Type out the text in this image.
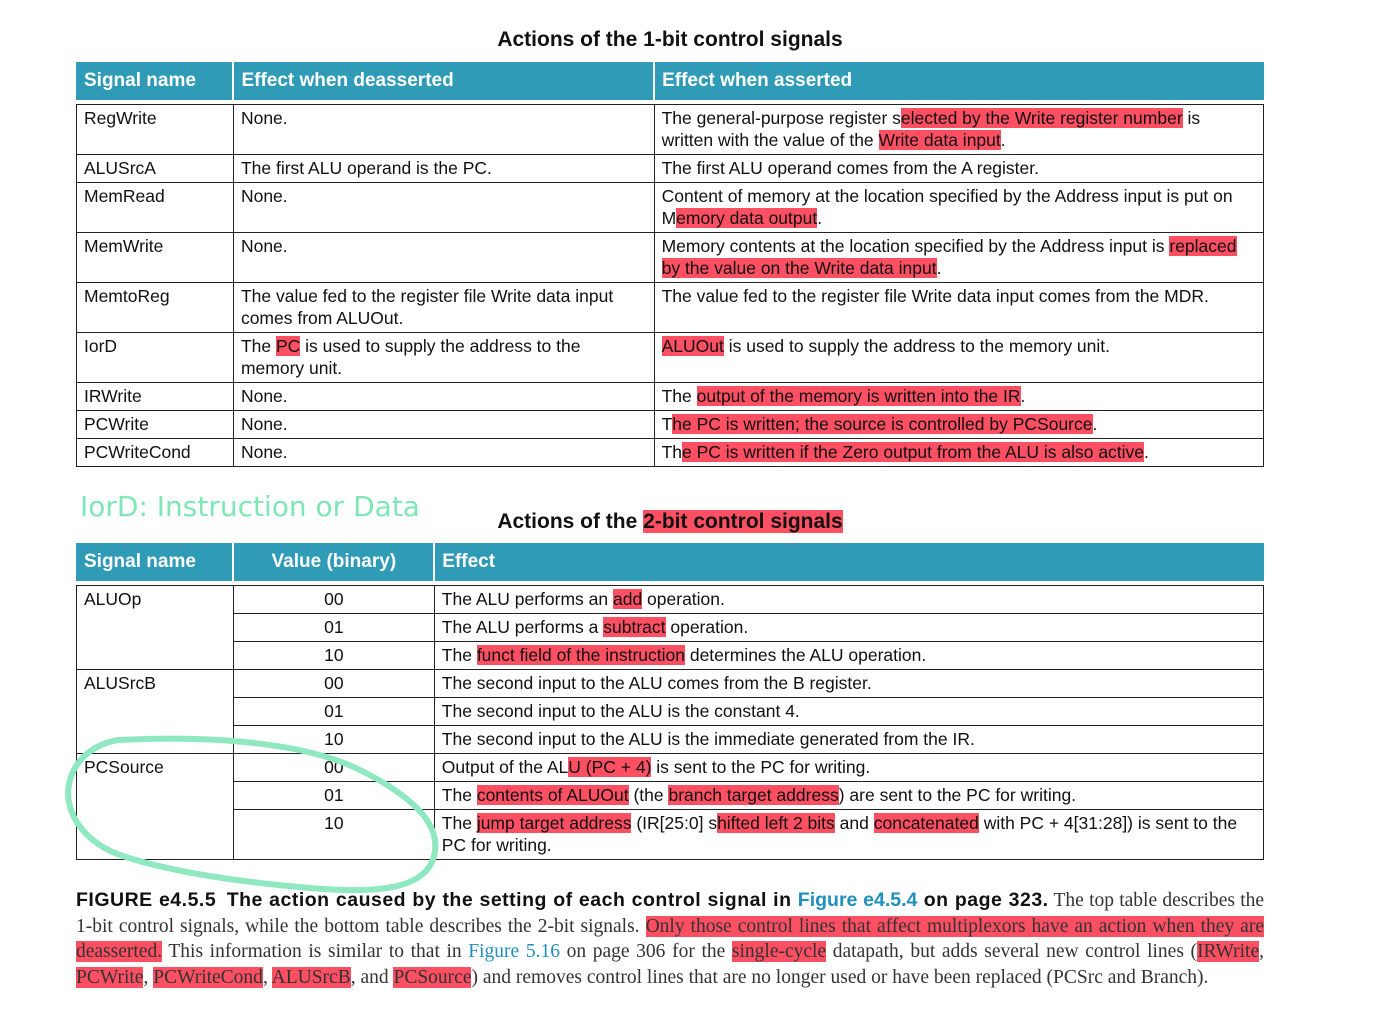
Actions of the 1-bit control signals
Signal name	Effect when deasserted	Effect when asserted

RegWrite	None.	The general-purpose register selected by the Write register number is written with the value of the Write data input.
ALUSrcA	The first ALU operand is the PC.	The first ALU operand comes from the A register.
MemRead	None.	Content of memory at the location specified by the Address input is put on Memory data output.
MemWrite	None.	Memory contents at the location specified by the Address input is replaced by the value on the Write data input.
MemtoReg	The value fed to the register file Write data input comes from ALUOut.	The value fed to the register file Write data input comes from the MDR.
IorD	The PC is used to supply the address to the memory unit.	ALUOut is used to supply the address to the memory unit.
IRWrite	None.	The output of the memory is written into the IR.
PCWrite	None.	The PC is written; the source is controlled by PCSource.
PCWriteCond	None.	The PC is written if the Zero output from the ALU is also active.
IorD: Instruction or Data	Actions of the 2-bit control signals
Signal name	Value (binary)	Effect

ALUOp	00	The ALU performs an add operation.
	01	The ALU performs a subtract operation.
	10	The funct field of the instruction determines the ALU operation.
ALUSrcB	00	The second input to the ALU comes from the B register.
	01	The second input to the ALU is the constant 4.
	10	The second input to the ALU is the immediate generated from the IR.
PCSource	00	Output of the ALU (PC + 4) is sent to the PC for writing.
	01	The contents of ALUOut (the branch target address) are sent to the PC for writing.
	10	The jump target address (IR[25:0] shifted left 2 bits and concatenated with PC + 4[31:28]) is sent to the PC for writing.
FIGURE e4.5.5 The action caused by the setting of each control signal in Figure e4.5.4 on page 323. The top table describes the 1-bit control signals, while the bottom table describes the 2-bit signals. Only those control lines that affect multiplexors have an action when they are deasserted. This information is similar to that in Figure 5.16 on page 306 for the single-cycle datapath, but adds several new control lines (IRWrite, PCWrite, PCWriteCond, ALUSrcB, and PCSource) and removes control lines that are no longer used or have been replaced (PCSrc and Branch).
